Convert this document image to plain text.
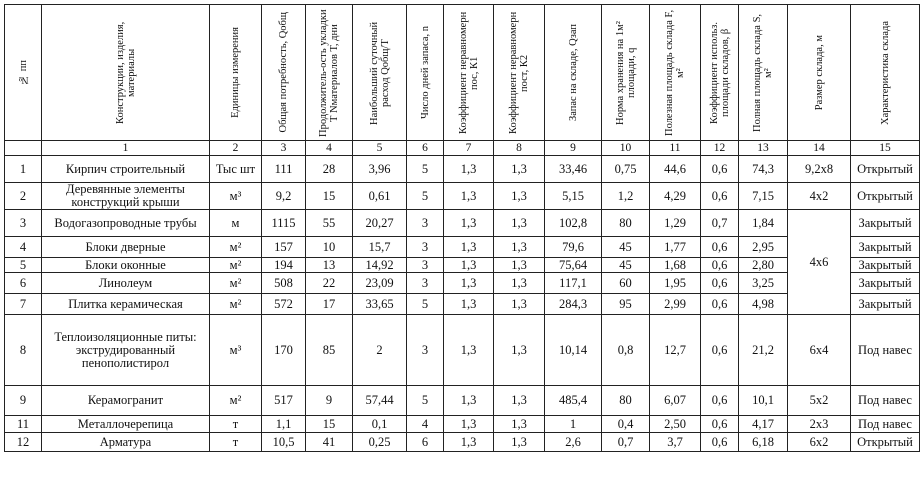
№ пп	Конструкции, изделия, материалы	Единицы измерения	Общая потребность, Qобщ	Продолжитель-ость укладки Т Nматериалов Т, дни	Наибольший суточный расход Qобщ/Т	Число дней запаса, n	Коэффициент неравномерн пос, К1	Коэффициент неравномерн пост, К2	Запас на складе, Qзап	Норма хранения на 1м² площади, q	Полезная площадь склада F, м²	Коэффициент использ. площади складов, β	Полная площадь склада S, м²	Размер склада, м	Характеристика склада

	1	2	3	4	5	6	7	8	9	10	11	12	13	14	15
1	Кирпич строительный	Тыс шт	111	28	3,96	5	1,3	1,3	33,46	0,75	44,6	0,6	74,3	9,2х8	Открытый
2	Деревянные элементы конструкций крыши	м³	9,2	15	0,61	5	1,3	1,3	5,15	1,2	4,29	0,6	7,15	4х2	Открытый
3	Водогазопроводные трубы	м	1115	55	20,27	3	1,3	1,3	102,8	80	1,29	0,7	1,84	4x6	Закрытый
4	Блоки дверные	м²	157	10	15,7	3	1,3	1,3	79,6	45	1,77	0,6	2,95		Закрытый
5	Блоки оконные	м²	194	13	14,92	3	1,3	1,3	75,64	45	1,68	0,6	2,80		Закрытый
6	Линолеум	м²	508	22	23,09	3	1,3	1,3	117,1	60	1,95	0,6	3,25		Закрытый
7	Плитка керамическая	м²	572	17	33,65	5	1,3	1,3	284,3	95	2,99	0,6	4,98		Закрытый
8	Теплоизоляционные питы: экструдированный пенополистирол	м³	170	85	2	3	1,3	1,3	10,14	0,8	12,7	0,6	21,2	6х4	Под навес
9	Керамогранит	м²	517	9	57,44	5	1,3	1,3	485,4	80	6,07	0,6	10,1	5х2	Под навес
11	Металлочерепица	т	1,1	15	0,1	4	1,3	1,3	1	0,4	2,50	0,6	4,17	2х3	Под навес
12	Арматура	т	10,5	41	0,25	6	1,3	1,3	2,6	0,7	3,7	0,6	6,18	6х2	Открытый
